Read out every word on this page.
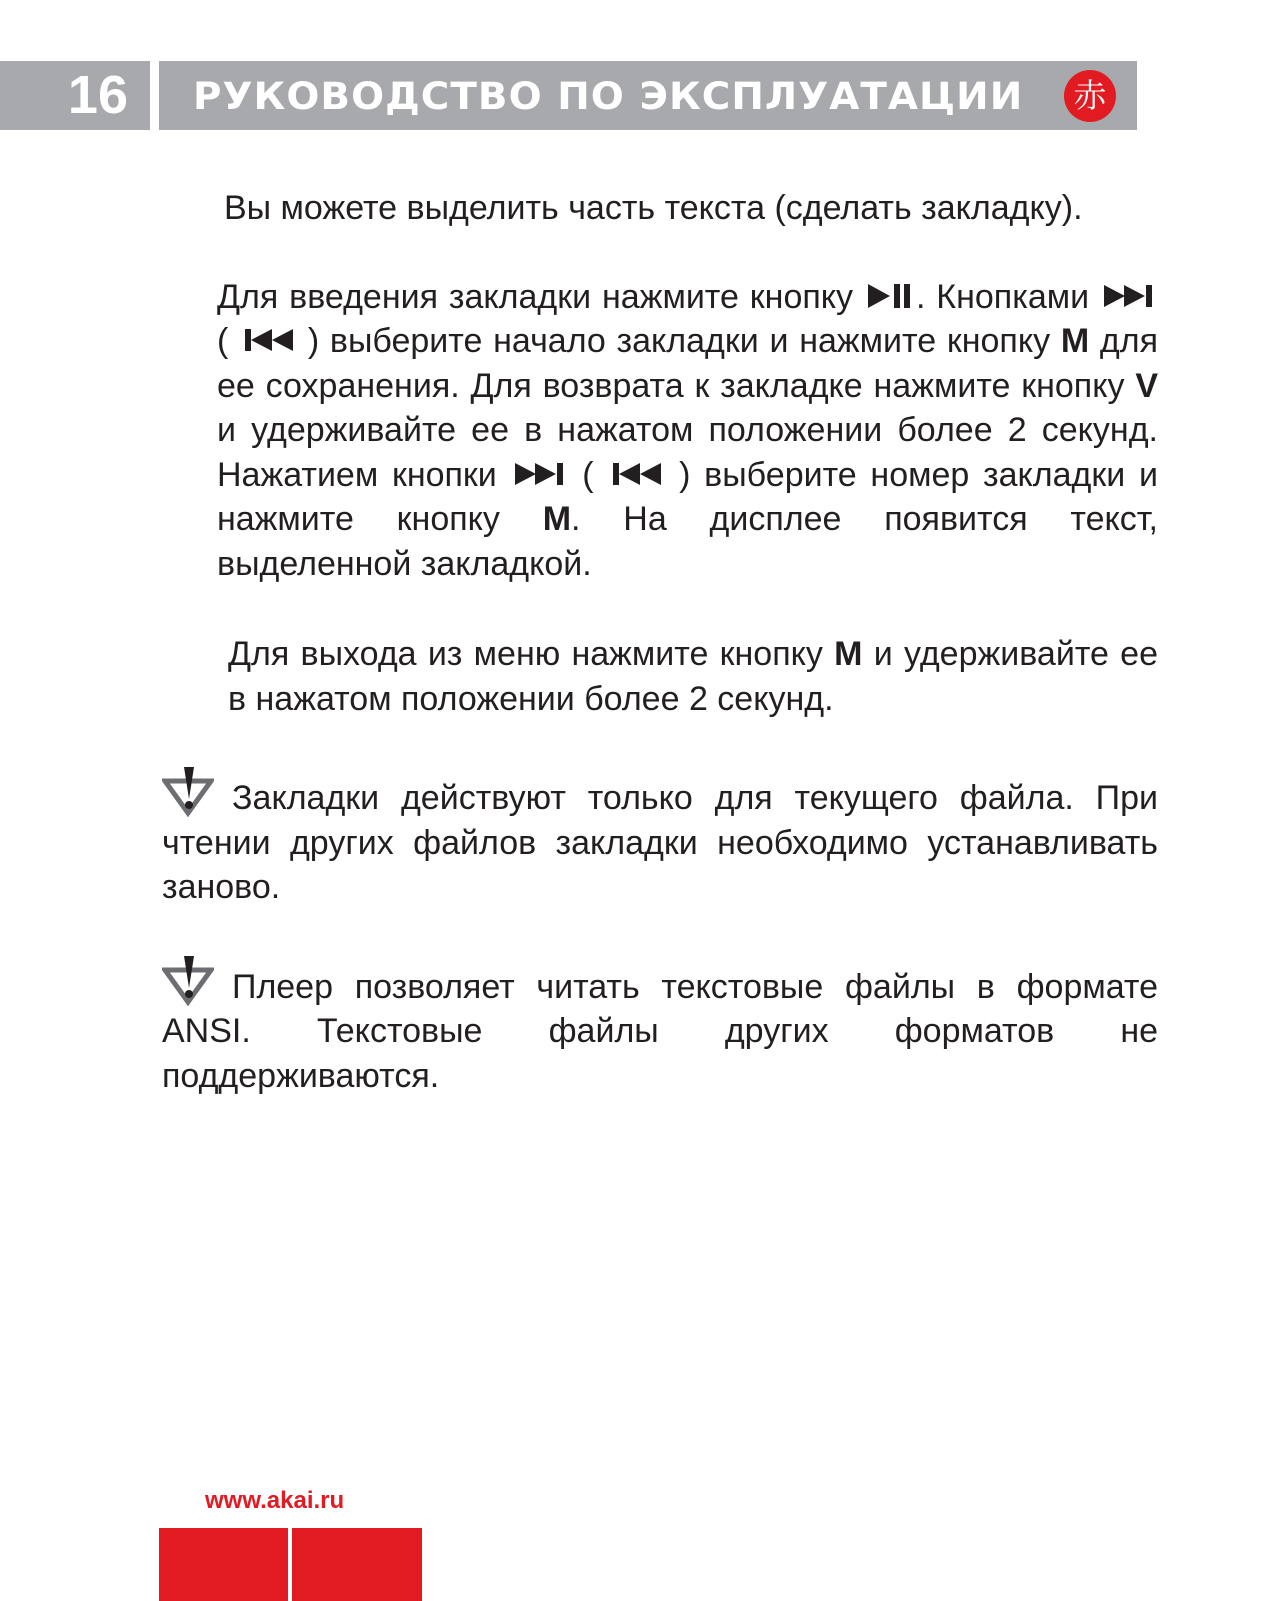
16	РУКОВОДСТВО ПО ЭКСПЛУАТАЦИИ 赤

Вы можете выделить часть текста (сделать закладку).

Для введения закладки нажмите кнопку . Кнопками  ( ) выберите начало закладки и нажмите кнопку M для ее сохранения. Для возврата к закладке нажмите кнопку V и удерживайте ее в нажатом положении более 2 секунд. Нажатием кнопки	(	) выберите номер закладки и нажмите кнопку M. На дисплее появится текст, выделенной закладкой.

Для выхода из меню нажмите кнопку M и удерживайте ее в нажатом положении более 2 секунд.

Закладки действуют только для текущего файла. При чтении других файлов закладки необходимо устанавливать заново.

Плеер позволяет читать текстовые файлы в формате ANSI. Текстовые файлы других форматов не поддерживаются.

www.akai.ru
